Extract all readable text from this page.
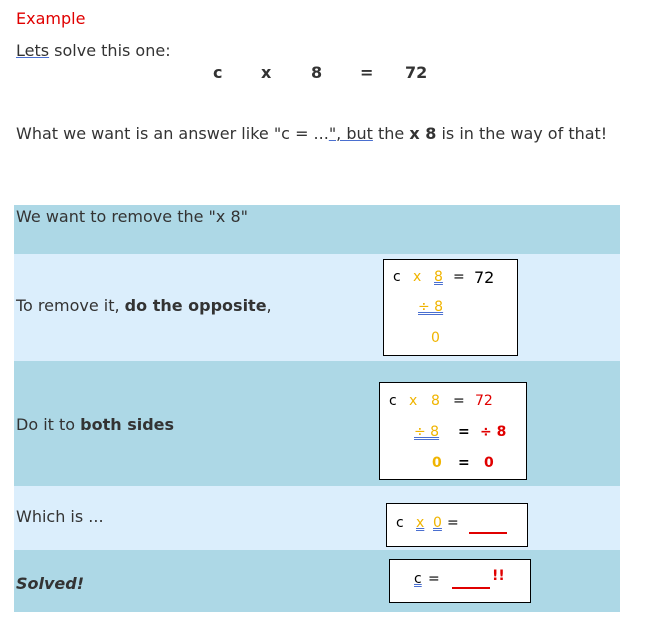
Example
Lets solve this one:
c x 8 = 72
What we want is an answer like "c = ...", but the x 8 is in the way of that!
We want to remove the "x 8"
To remove it, do the opposite,
Do it to both sides
Which is ...
Solved!
c x 8 = 72
÷ 8
0
c x 8 = 72
÷ 8 = ÷ 8
0 = 0
c x 0 =
c =	!!
